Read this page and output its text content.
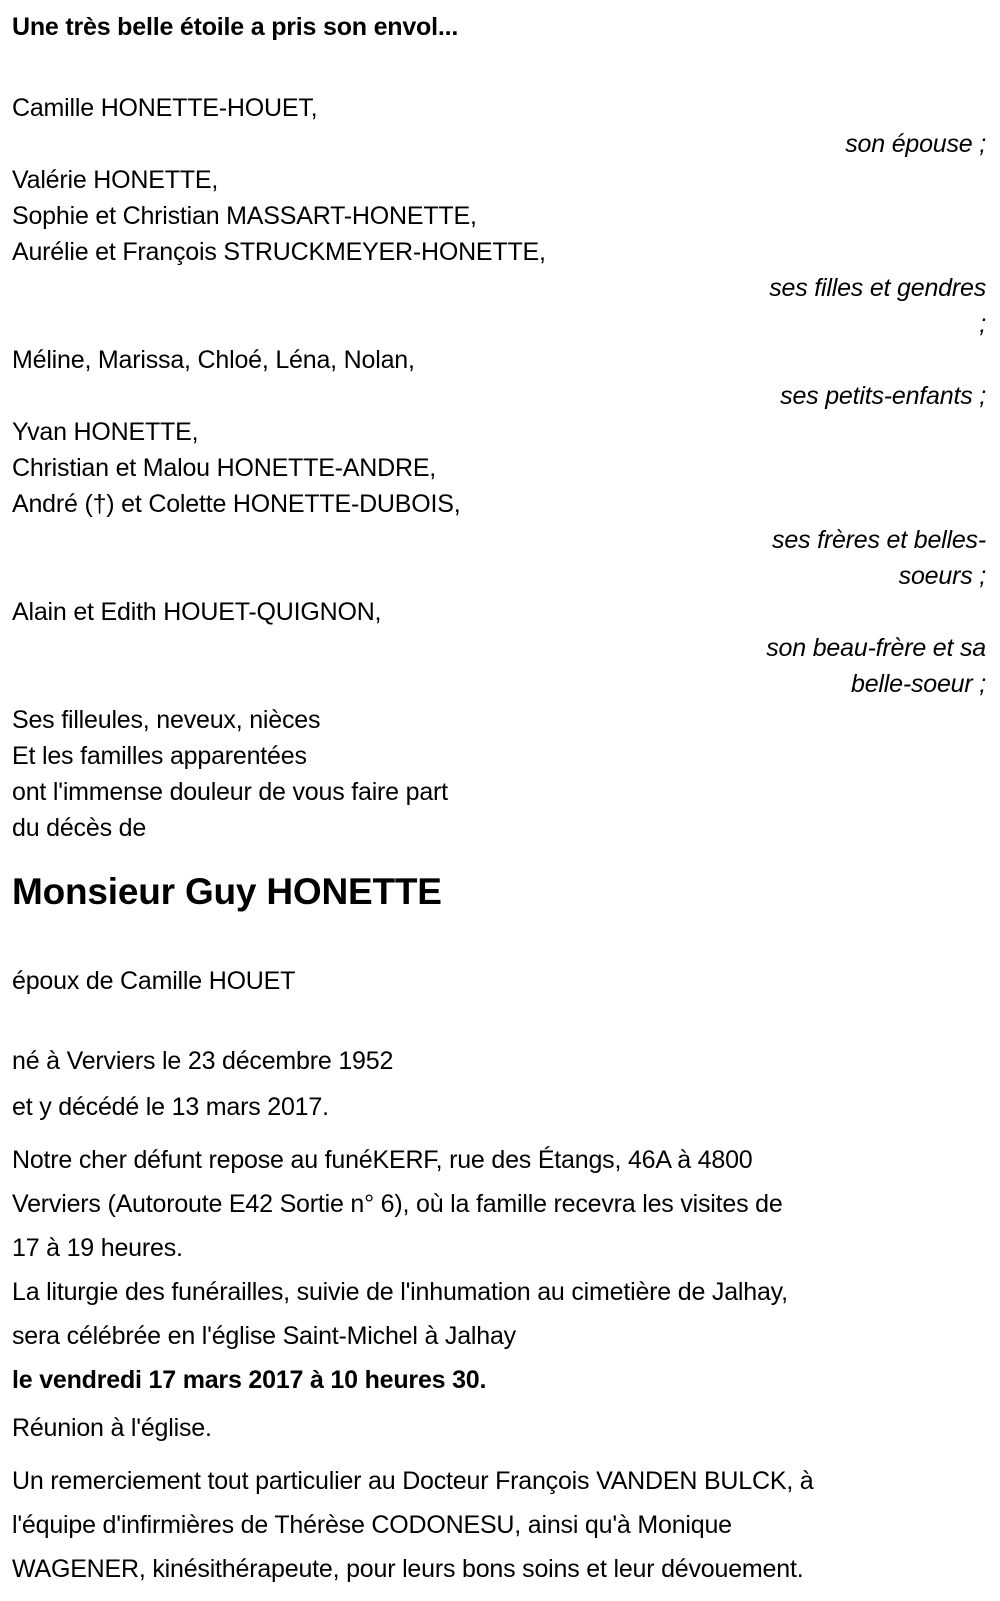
Une très belle étoile a pris son envol...
Camille HONETTE-HOUET,
son épouse ;
Valérie HONETTE,
Sophie et Christian MASSART-HONETTE,
Aurélie et François STRUCKMEYER-HONETTE,
ses filles et gendres
;
Méline, Marissa, Chloé, Léna, Nolan,
ses petits-enfants ;
Yvan HONETTE,
Christian et Malou HONETTE-ANDRE,
André (†) et Colette HONETTE-DUBOIS,
ses frères et belles-
soeurs ;
Alain et Edith HOUET-QUIGNON,
son beau-frère et sa
belle-soeur ;
Ses filleules, neveux, nièces
Et les familles apparentées
ont l'immense douleur de vous faire part
du décès de
Monsieur Guy HONETTE
époux de Camille HOUET
né à Verviers le 23 décembre 1952
et y décédé le 13 mars 2017.
Notre cher défunt repose au funéKERF, rue des Étangs, 46A à 4800
Verviers (Autoroute E42 Sortie n° 6), où la famille recevra les visites de
17 à 19 heures.
La liturgie des funérailles, suivie de l'inhumation au cimetière de Jalhay,
sera célébrée en l'église Saint-Michel à Jalhay
le vendredi 17 mars 2017 à 10 heures 30.
Réunion à l'église.
Un remerciement tout particulier au Docteur François VANDEN BULCK, à
l'équipe d'infirmières de Thérèse CODONESU, ainsi qu'à Monique
WAGENER, kinésithérapeute, pour leurs bons soins et leur dévouement.
